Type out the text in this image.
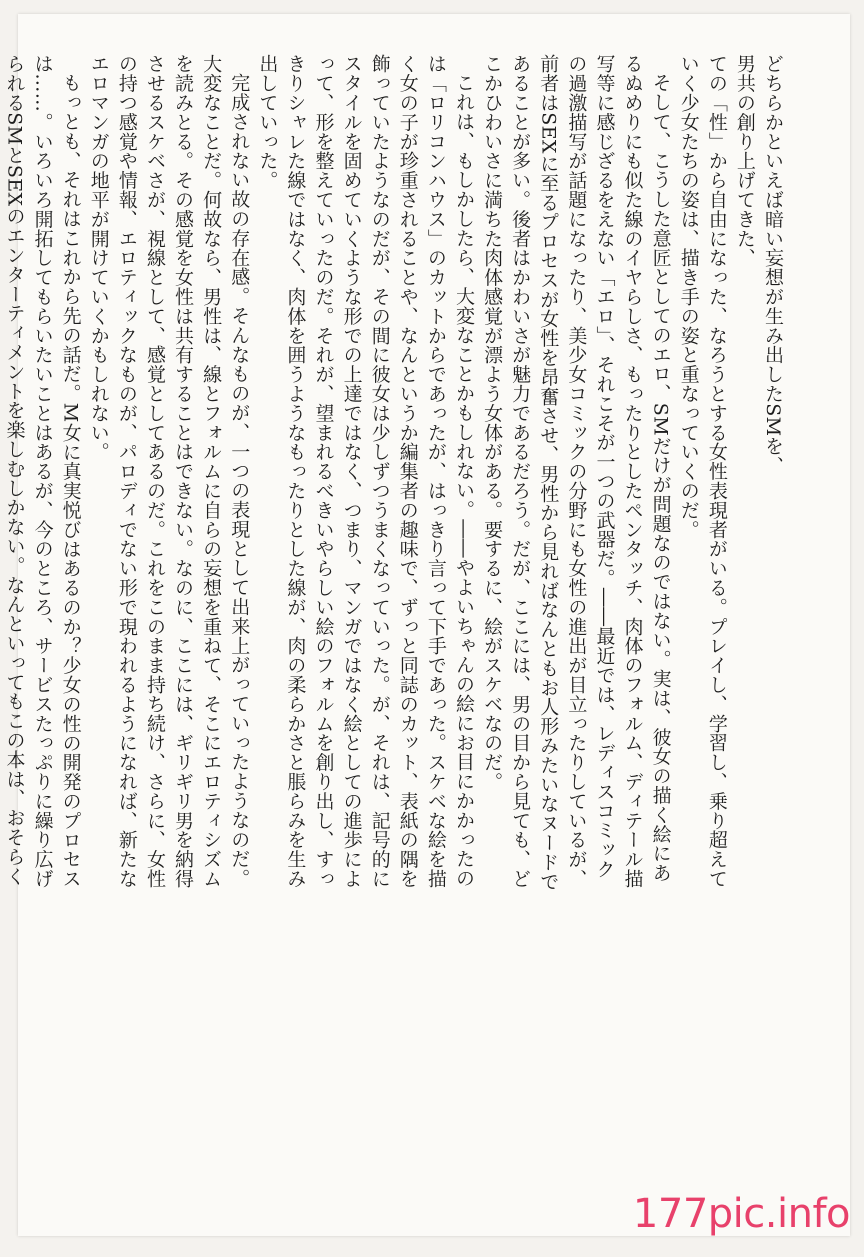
どちらかといえば暗い妄想が生み出したSMを、

男共の創り上げてきた、

ての「性」から自由になった、なろうとする女性表現者がいる。プレイし、学習し、乗り超えていく少女たちの姿は、描き手の姿と重なっていくのだ。

そして、こうした意匠としてのエロ、SMだけが問題なのではない。実は、彼女の描く絵にあるぬめりにも似た線のイヤらしさ、もったりとしたペンタッチ、肉体のフォルム、ディテール描写等に感じざるをえない「エロ」、それこそが一つの武器だ。――最近では、レディスコミックの過激描写が話題になったり、美少女コミックの分野にも女性の進出が目立ったりしているが、前者はSEXに至るプロセスが女性を昂奮させ、男性から見ればなんともお人形みたいなヌードであることが多い。後者はかわいさが魅力であるだろう。だが、ここには、男の目から見ても、どこかひわいさに満ちた肉体感覚が漂よう女体がある。要するに、絵がスケベなのだ。

これは、もしかしたら、大変なことかもしれない。――やよいちゃんの絵にお目にかかったのは「ロリコンハウス」のカットからであったが、はっきり言って下手であった。スケベな絵を描く女の子が珍重されることや、なんというか編集者の趣味で、ずっと同誌のカット、表紙の隅を飾っていたようなのだが、その間に彼女は少しずつうまくなっていった。が、それは、記号的にスタイルを固めていくような形での上達ではなく、つまり、マンガではなく絵としての進歩によって、形を整えていったのだ。それが、望まれるべきいやらしい絵のフォルムを創り出し、すっきりシャレた線ではなく、肉体を囲うようなもったりとした線が、肉の柔らかさと脹らみを生み出していった。

完成されない故の存在感。そんなものが、一つの表現として出来上がっていったようなのだ。大変なことだ。何故なら、男性は、線とフォルムに自らの妄想を重ねて、そこにエロティシズムを読みとる。その感覚を女性は共有することはできない。なのに、ここには、ギリギリ男を納得させるスケベさが、視線として、感覚としてあるのだ。これをこのまま持ち続け、さらに、女性の持つ感覚や情報、エロティックなものが、パロディでない形で現われるようになれば、新たなエロマンガの地平が開けていくかもしれない。

もっとも、それはこれから先の話だ。M女に真実悦びはあるのか？少女の性の開発のプロセスは……。いろいろ開拓してもらいたいことはあるが、今のところ、サービスたっぷりに繰り広げられるSMとSEXのエンターティメントを楽しむしかない。なんといってもこの本は、おそらく

177pic.info
